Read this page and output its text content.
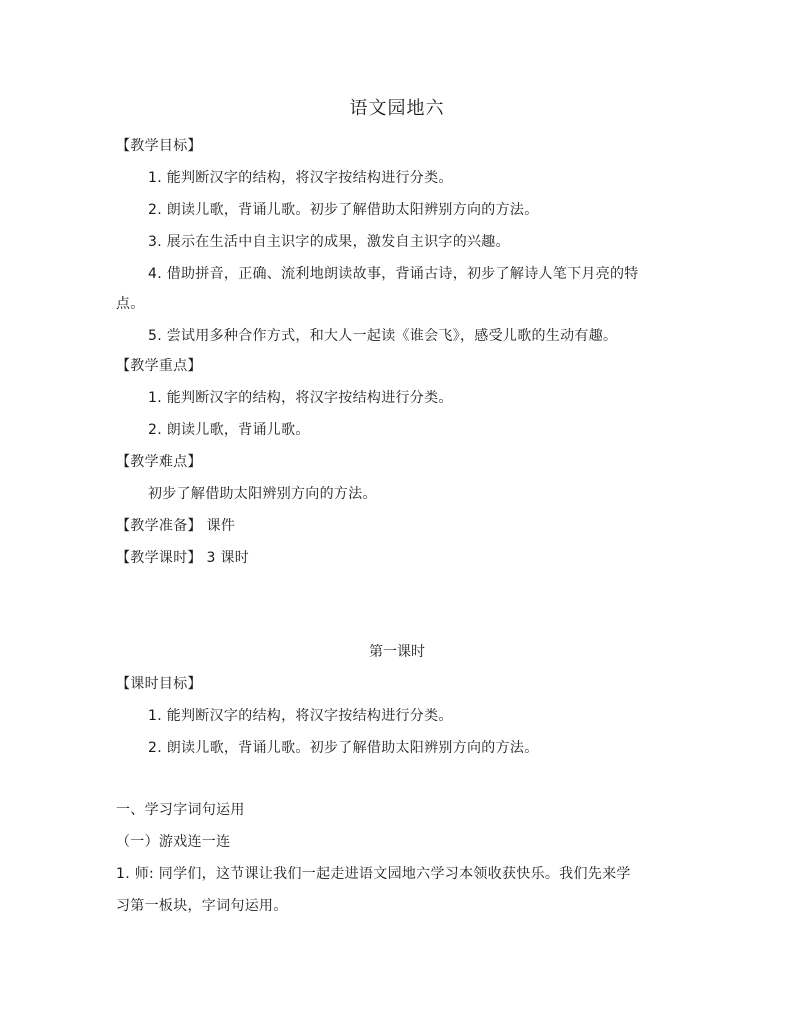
语文园地六
【教学目标】
1. 能判断汉字的结构，将汉字按结构进行分类。
2. 朗读儿歌，背诵儿歌。初步了解借助太阳辨别方向的方法。
3. 展示在生活中自主识字的成果，激发自主识字的兴趣。
4. 借助拼音，正确、流利地朗读故事，背诵古诗，初步了解诗人笔下月亮的特
点。
5. 尝试用多种合作方式，和大人一起读《谁会飞》，感受儿歌的生动有趣。
【教学重点】
1. 能判断汉字的结构，将汉字按结构进行分类。
2. 朗读儿歌，背诵儿歌。
【教学难点】
初步了解借助太阳辨别方向的方法。
【教学准备】 课件
【教学课时】 3 课时
第一课时
【课时目标】
1. 能判断汉字的结构，将汉字按结构进行分类。
2. 朗读儿歌，背诵儿歌。初步了解借助太阳辨别方向的方法。
一、学习字词句运用
（一）游戏连一连
1. 师: 同学们，这节课让我们一起走进语文园地六学习本领收获快乐。我们先来学
习第一板块，字词句运用。
